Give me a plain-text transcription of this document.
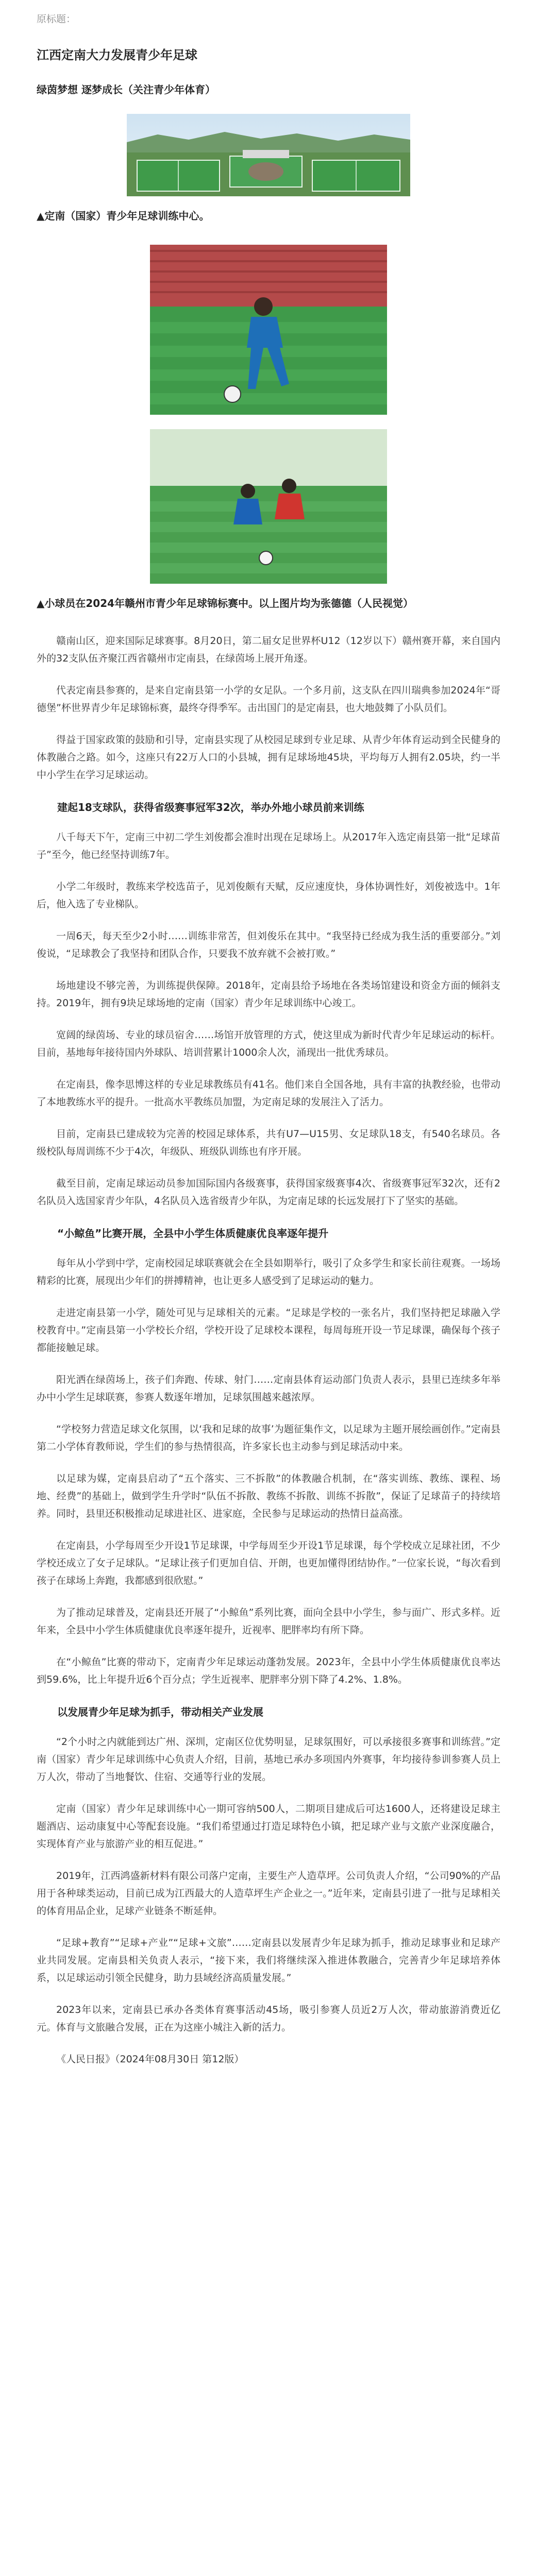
原标题：
江西定南大力发展青少年足球
绿茵梦想 逐梦成长（关注青少年体育）
▲定南（国家）青少年足球训练中心。
▲小球员在2024年赣州市青少年足球锦标赛中。以上图片均为张德德（人民视觉）

赣南山区，迎来国际足球赛事。8月20日，第二届女足世界杯U12（12岁以下）赣州赛开幕，来自国内外的32支队伍齐聚江西省赣州市定南县，在绿茵场上展开角逐。

代表定南县参赛的，是来自定南县第一小学的女足队。一个多月前，这支队在四川瑞典参加2024年“哥德堡”杯世界青少年足球锦标赛，最终夺得季军。击出国门的是定南县，也大地鼓舞了小队员们。

得益于国家政策的鼓励和引导，定南县实现了从校园足球到专业足球、从青少年体育运动到全民健身的体教融合之路。如今，这座只有22万人口的小县城，拥有足球场地45块，平均每万人拥有2.05块，约一半中小学生在学习足球运动。

建起18支球队，获得省级赛事冠军32次，举办外地小球员前来训练

八千每天下午，定南三中初二学生刘俊都会准时出现在足球场上。从2017年入选定南县第一批“足球苗子”至今，他已经坚持训练7年。

小学二年级时，教练来学校选苗子，见刘俊颇有天赋，反应速度快，身体协调性好，刘俊被选中。1年后，他入选了专业梯队。

一周6天，每天至少2小时……训练非常苦，但刘俊乐在其中。“我坚持已经成为我生活的重要部分。”刘俊说，“足球教会了我坚持和团队合作，只要我不放弃就不会被打败。”

场地建设不够完善，为训练提供保障。2018年，定南县给予场地在各类场馆建设和资金方面的倾斜支持。2019年，拥有9块足球场地的定南（国家）青少年足球训练中心竣工。

宽阔的绿茵场、专业的球员宿舍……场馆开放管理的方式，使这里成为新时代青少年足球运动的标杆。目前，基地每年接待国内外球队、培训营累计1000余人次，涌现出一批优秀球员。

在定南县，像李思博这样的专业足球教练员有41名。他们来自全国各地，具有丰富的执教经验，也带动了本地教练水平的提升。一批高水平教练员加盟，为定南足球的发展注入了活力。

目前，定南县已建成较为完善的校园足球体系，共有U7—U15男、女足球队18支，有540名球员。各级校队每周训练不少于4次，年级队、班级队训练也有序开展。

截至目前，定南足球运动员参加国际国内各级赛事，获得国家级赛事4次、省级赛事冠军32次，还有2名队员入选国家青少年队，4名队员入选省级青少年队，为定南足球的长远发展打下了坚实的基础。

“小鲸鱼”比赛开展，全县中小学生体质健康优良率逐年提升

每年从小学到中学，定南校园足球联赛就会在全县如期举行，吸引了众多学生和家长前往观赛。一场场精彩的比赛，展现出少年们的拼搏精神，也让更多人感受到了足球运动的魅力。

走进定南县第一小学，随处可见与足球相关的元素。“足球是学校的一张名片，我们坚持把足球融入学校教育中。”定南县第一小学校长介绍，学校开设了足球校本课程，每周每班开设一节足球课，确保每个孩子都能接触足球。

阳光洒在绿茵场上，孩子们奔跑、传球、射门……定南县体育运动部门负责人表示，县里已连续多年举办中小学生足球联赛，参赛人数逐年增加，足球氛围越来越浓厚。

“学校努力营造足球文化氛围，以‘我和足球的故事’为题征集作文，以足球为主题开展绘画创作。”定南县第二小学体育教师说，学生们的参与热情很高，许多家长也主动参与到足球活动中来。

以足球为媒，定南县启动了“五个落实、三不拆散”的体教融合机制，在“落实训练、教练、课程、场地、经费”的基础上，做到学生升学时“队伍不拆散、教练不拆散、训练不拆散”，保证了足球苗子的持续培养。同时，县里还积极推动足球进社区、进家庭，全民参与足球运动的热情日益高涨。

在定南县，小学每周至少开设1节足球课，中学每周至少开设1节足球课，每个学校成立足球社团，不少学校还成立了女子足球队。“足球让孩子们更加自信、开朗，也更加懂得团结协作。”一位家长说，“每次看到孩子在球场上奔跑，我都感到很欣慰。”

为了推动足球普及，定南县还开展了“小鲸鱼”系列比赛，面向全县中小学生，参与面广、形式多样。近年来，全县中小学生体质健康优良率逐年提升，近视率、肥胖率均有所下降。

在“小鲸鱼”比赛的带动下，定南青少年足球运动蓬勃发展。2023年，全县中小学生体质健康优良率达到59.6%，比上年提升近6个百分点；学生近视率、肥胖率分别下降了4.2%、1.8%。

以发展青少年足球为抓手，带动相关产业发展

“2个小时之内就能到达广州、深圳，定南区位优势明显，足球氛围好，可以承接很多赛事和训练营。”定南（国家）青少年足球训练中心负责人介绍，目前，基地已承办多项国内外赛事，年均接待参训参赛人员上万人次，带动了当地餐饮、住宿、交通等行业的发展。

定南（国家）青少年足球训练中心一期可容纳500人，二期项目建成后可达1600人，还将建设足球主题酒店、运动康复中心等配套设施。“我们希望通过打造足球特色小镇，把足球产业与文旅产业深度融合，实现体育产业与旅游产业的相互促进。”

2019年，江西鸿盛新材料有限公司落户定南，主要生产人造草坪。公司负责人介绍，“公司90%的产品用于各种球类运动，目前已成为江西最大的人造草坪生产企业之一。”近年来，定南县引进了一批与足球相关的体育用品企业，足球产业链条不断延伸。

“足球+教育”“足球+产业”“足球+文旅”……定南县以发展青少年足球为抓手，推动足球事业和足球产业共同发展。定南县相关负责人表示，“接下来，我们将继续深入推进体教融合，完善青少年足球培养体系，以足球运动引领全民健身，助力县域经济高质量发展。”

2023年以来，定南县已承办各类体育赛事活动45场，吸引参赛人员近2万人次，带动旅游消费近亿元。体育与文旅融合发展，正在为这座小城注入新的活力。

《人民日报》（2024年08月30日 第12版）
